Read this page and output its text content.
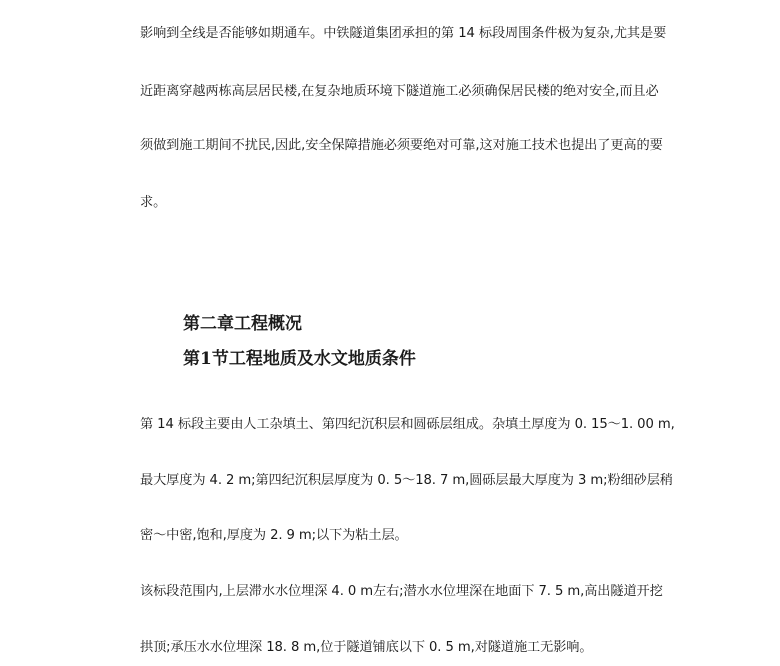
影响到全线是否能够如期通车。中铁隧道集团承担的第 14 标段周围条件极为复杂,尤其是要
近距离穿越两栋高层居民楼,在复杂地质环境下隧道施工必须确保居民楼的绝对安全,而且必
须做到施工期间不扰民,因此,安全保障措施必须要绝对可靠,这对施工技术也提出了更高的要
求。
第二章工程概况
第1节工程地质及水文地质条件
第 14 标段主要由人工杂填土、第四纪沉积层和圆砾层组成。杂填土厚度为 0. 15～1. 00 m,
最大厚度为 4. 2 m;第四纪沉积层厚度为 0. 5～18. 7 m,圆砾层最大厚度为 3 m;粉细砂层稍
密～中密,饱和,厚度为 2. 9 m;以下为粘土层。
该标段范围内,上层滞水水位埋深 4. 0 m左右;潜水水位埋深在地面下 7. 5 m,高出隧道开挖
拱顶;承压水水位埋深 18. 8 m,位于隧道铺底以下 0. 5 m,对隧道施工无影响。
